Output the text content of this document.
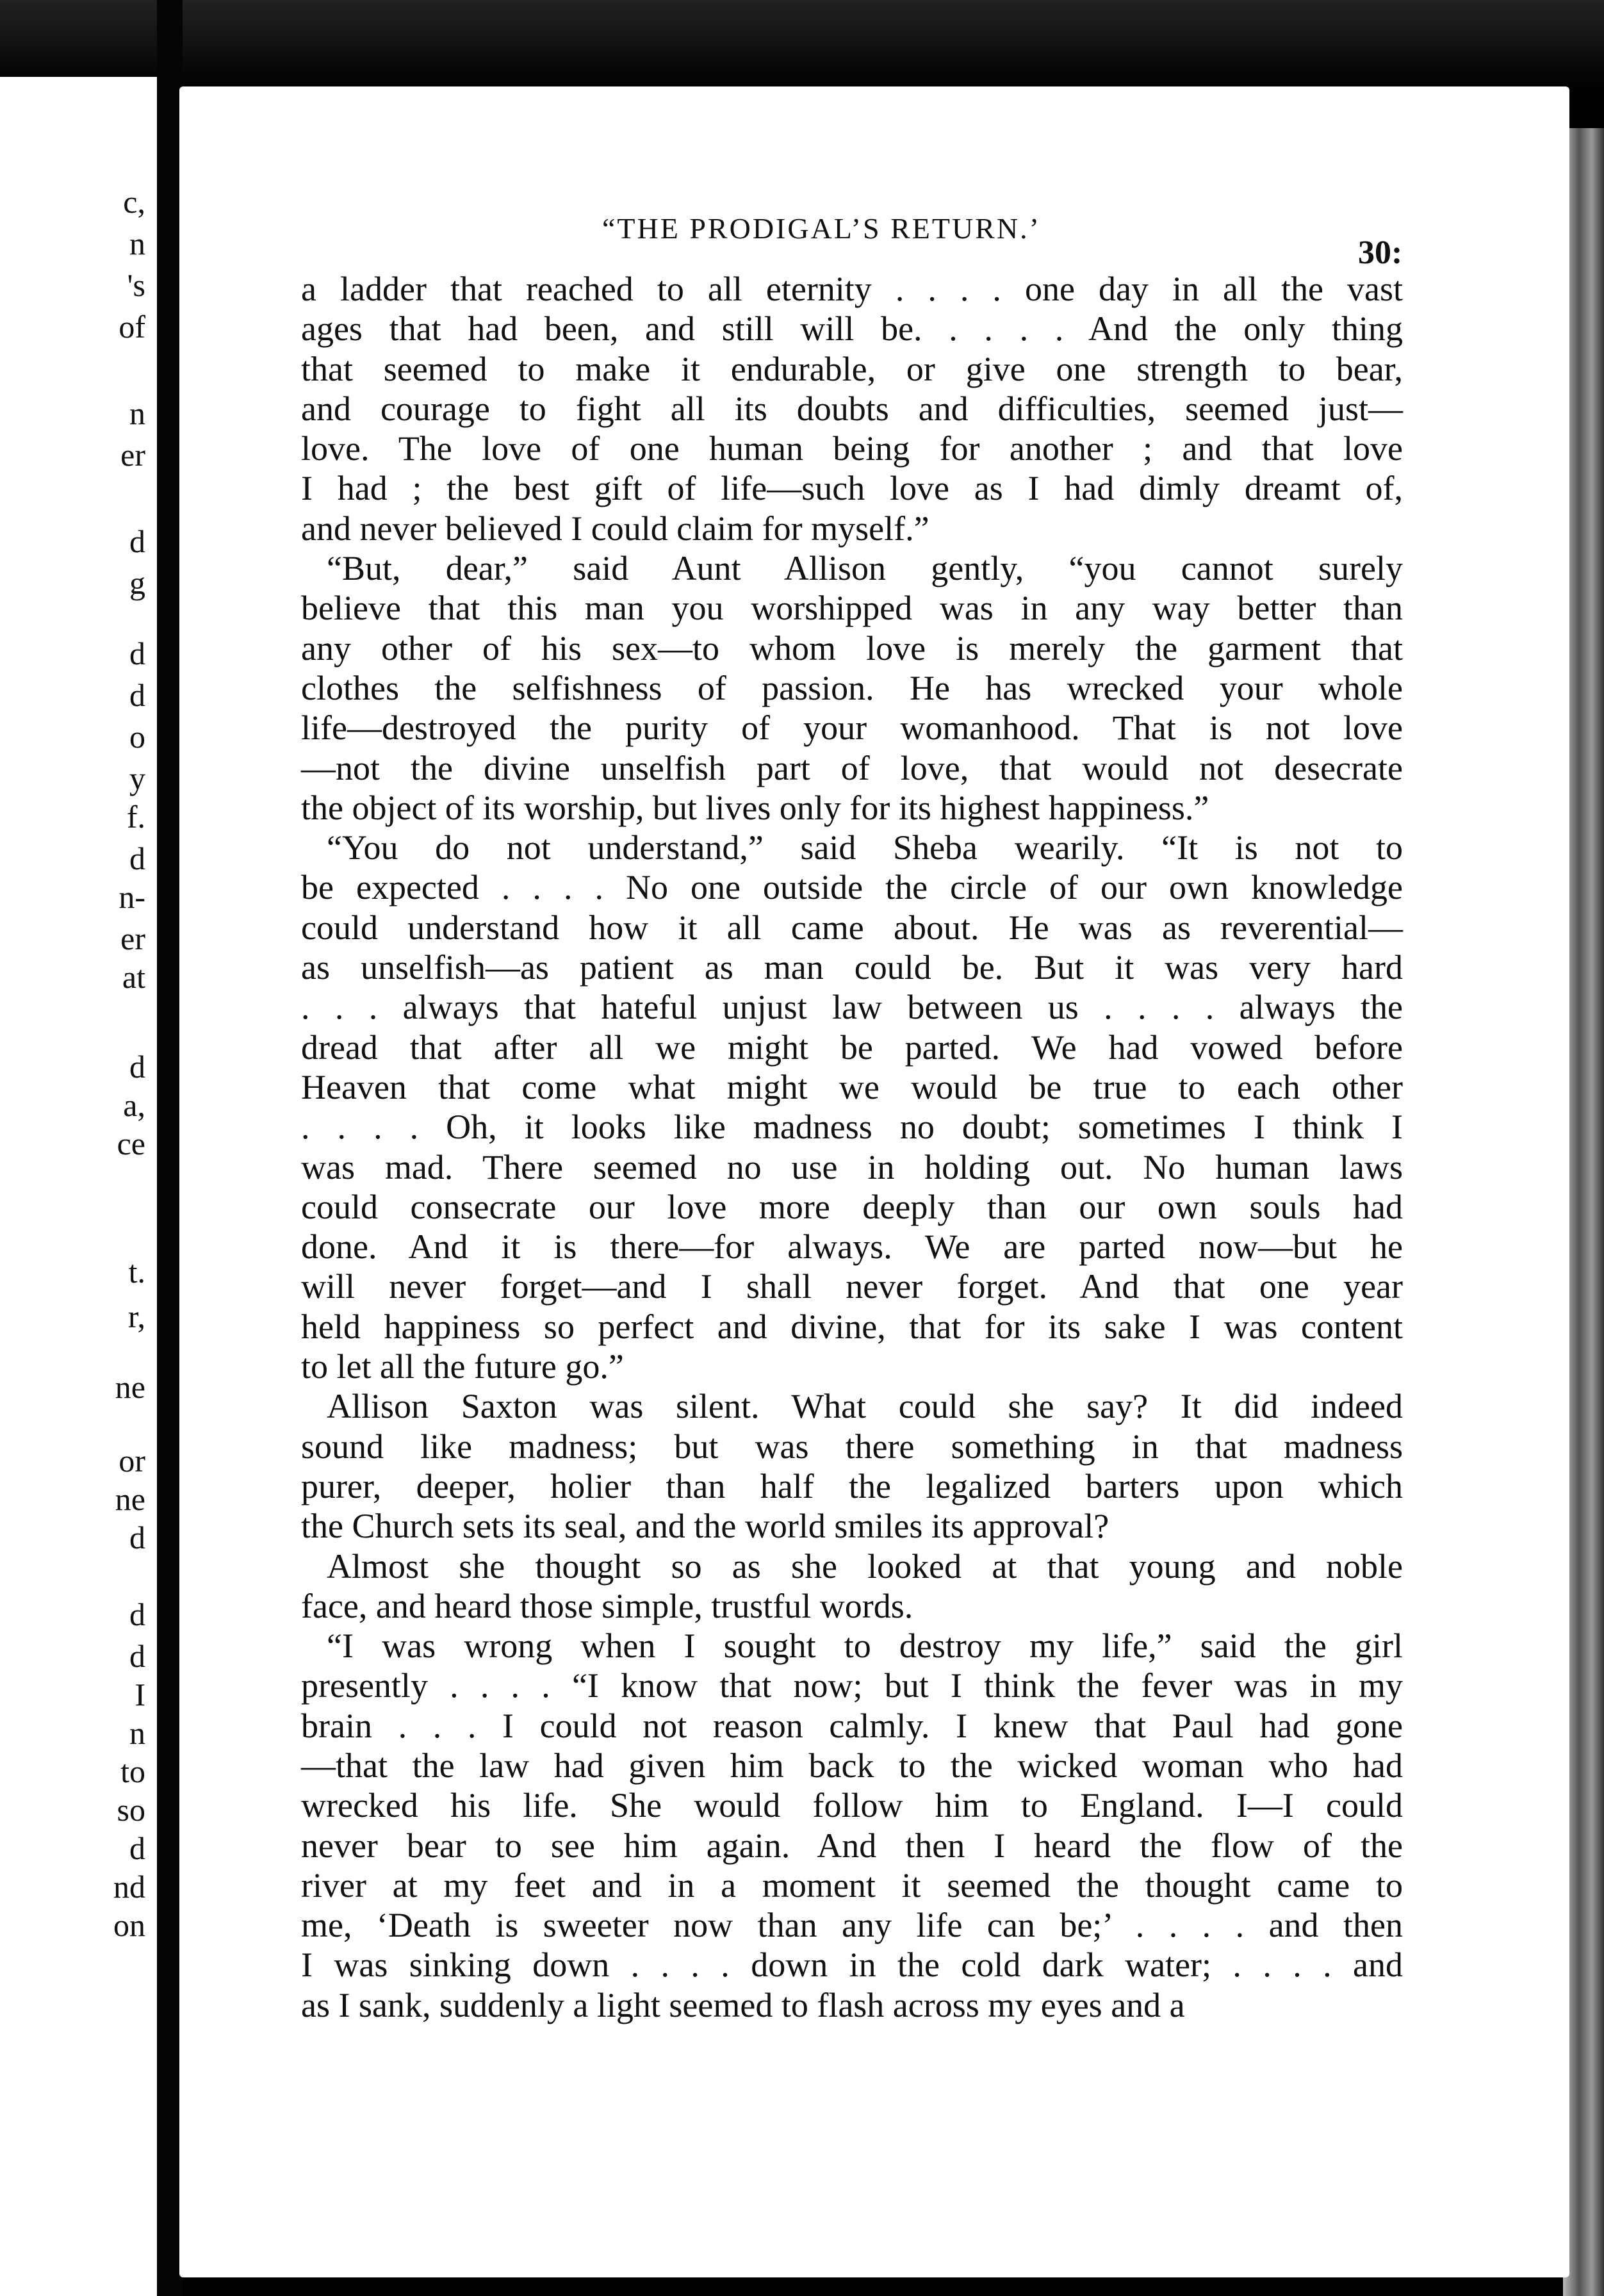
c,
n
's
of
n
er
d
g
d
d
o
y
f.
d
n-
er
at
d
a,
ce
t.
r,
ne
or
ne
d
d
d
I
n
to
so
d
nd
on
“THE PRODIGAL’S RETURN.’
30:
a ladder that reached to all eternity . . . . one day in all the vast
ages that had been, and still will be. . . . . And the only thing
that seemed to make it endurable, or give one strength to bear,
and courage to fight all its doubts and difficulties, seemed just—
love. The love of one human being for another ; and that love
I had ; the best gift of life—such love as I had dimly dreamt of,
and never believed I could claim for myself.”
“But, dear,” said Aunt Allison gently, “you cannot surely
believe that this man you worshipped was in any way better than
any other of his sex—to whom love is merely the garment that
clothes the selfishness of passion. He has wrecked your whole
life—destroyed the purity of your womanhood. That is not love
—not the divine unselfish part of love, that would not desecrate
the object of its worship, but lives only for its highest happiness.”
“You do not understand,” said Sheba wearily. “It is not to
be expected . . . . No one outside the circle of our own knowledge
could understand how it all came about. He was as reverential—
as unselfish—as patient as man could be. But it was very hard
. . . always that hateful unjust law between us . . . . always the
dread that after all we might be parted. We had vowed before
Heaven that come what might we would be true to each other
. . . . Oh, it looks like madness no doubt; sometimes I think I
was mad. There seemed no use in holding out. No human laws
could consecrate our love more deeply than our own souls had
done. And it is there—for always. We are parted now—but he
will never forget—and I shall never forget. And that one year
held happiness so perfect and divine, that for its sake I was content
to let all the future go.”
Allison Saxton was silent. What could she say? It did indeed
sound like madness; but was there something in that madness
purer, deeper, holier than half the legalized barters upon which
the Church sets its seal, and the world smiles its approval?
Almost she thought so as she looked at that young and noble
face, and heard those simple, trustful words.
“I was wrong when I sought to destroy my life,” said the girl
presently . . . . “I know that now; but I think the fever was in my
brain . . . I could not reason calmly. I knew that Paul had gone
—that the law had given him back to the wicked woman who had
wrecked his life. She would follow him to England. I—I could
never bear to see him again. And then I heard the flow of the
river at my feet and in a moment it seemed the thought came to
me, ‘Death is sweeter now than any life can be;’ . . . . and then
I was sinking down . . . . down in the cold dark water; . . . . and
as I sank, suddenly a light seemed to flash across my eyes and a
